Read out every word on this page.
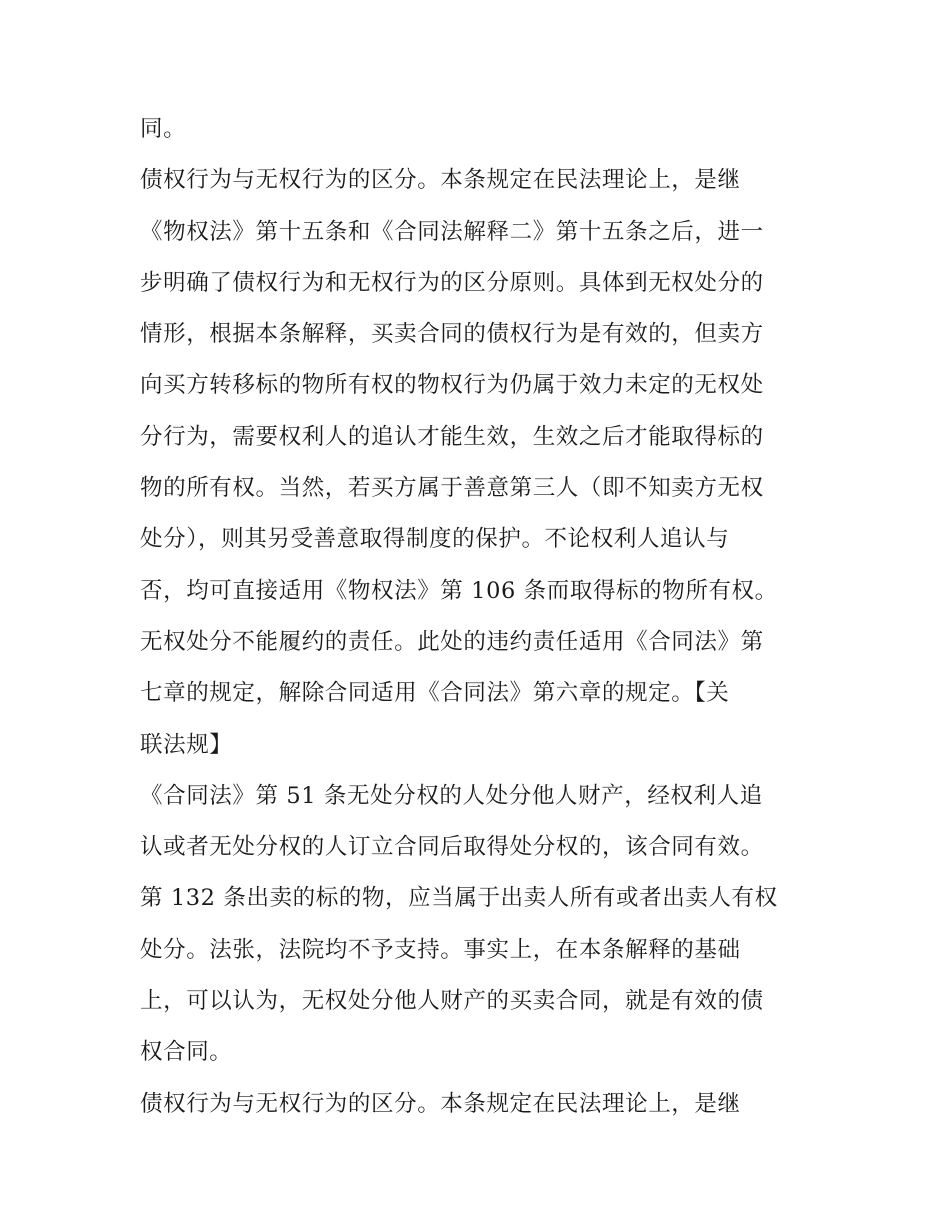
同。
债权行为与无权行为的区分。本条规定在民法理论上，是继
《物权法》第十五条和《合同法解释二》第十五条之后，进一
步明确了债权行为和无权行为的区分原则。具体到无权处分的
情形，根据本条解释，买卖合同的债权行为是有效的，但卖方
向买方转移标的物所有权的物权行为仍属于效力未定的无权处
分行为，需要权利人的追认才能生效，生效之后才能取得标的
物的所有权。当然，若买方属于善意第三人（即不知卖方无权
处分），则其另受善意取得制度的保护。不论权利人追认与
否，均可直接适用《物权法》第 106 条而取得标的物所有权。
无权处分不能履约的责任。此处的违约责任适用《合同法》第
七章的规定，解除合同适用《合同法》第六章的规定。【关
联法规】
《合同法》第 51 条无处分权的人处分他人财产，经权利人追
认或者无处分权的人订立合同后取得处分权的，该合同有效。
第 132 条出卖的标的物，应当属于出卖人所有或者出卖人有权
处分。法张，法院均不予支持。事实上，在本条解释的基础
上，可以认为，无权处分他人财产的买卖合同，就是有效的债
权合同。
债权行为与无权行为的区分。本条规定在民法理论上，是继
